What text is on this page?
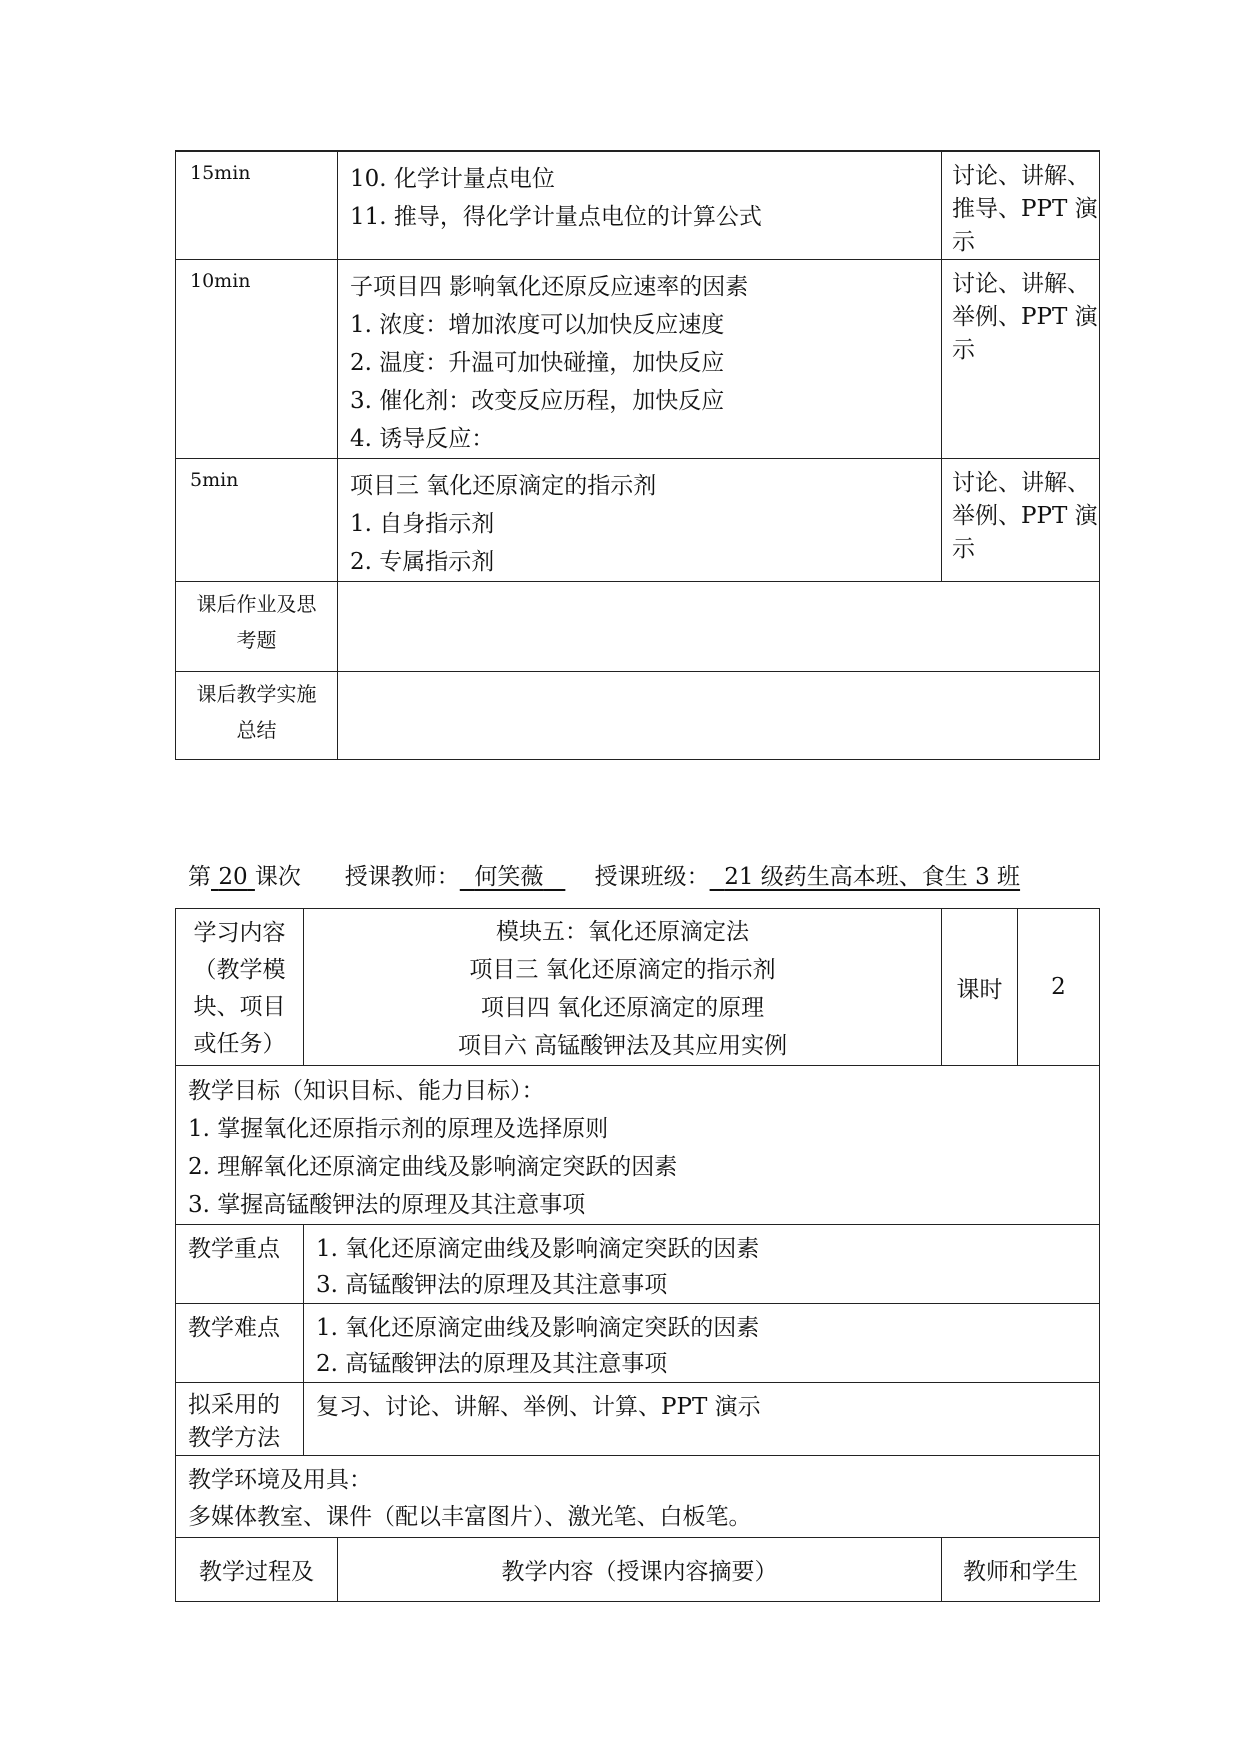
15min	10. 化学计量点电位
11. 推导，得化学计量点电位的计算公式	讨论、讲解、
推导、PPT 演
示

10min	子项目四 影响氧化还原反应速率的因素
1. 浓度：增加浓度可以加快反应速度
2. 温度：升温可加快碰撞，加快反应
3. 催化剂：改变反应历程，加快反应
4. 诱导反应：	讨论、讲解、
举例、PPT 演
示

5min	项目三 氧化还原滴定的指示剂
1. 自身指示剂
2. 专属指示剂	讨论、讲解、
举例、PPT 演
示

课后作业及思
考题		

课后教学实施
总结		

第 20 课次 授课教师： 何笑薇 授课班级： 21 级药生高本班、食生 3 班
学习内容
（教学模
块、项目
或任务）	模块五：氧化还原滴定法
项目三 氧化还原滴定的指示剂
项目四 氧化还原滴定的原理
项目六 高锰酸钾法及其应用实例		课时	2

教学目标（知识目标、能力目标）：
1. 掌握氧化还原指示剂的原理及选择原则
2. 理解氧化还原滴定曲线及影响滴定突跃的因素
3. 掌握高锰酸钾法的原理及其注意事项				

教学重点	1. 氧化还原滴定曲线及影响滴定突跃的因素
3. 高锰酸钾法的原理及其注意事项			

教学难点	1. 氧化还原滴定曲线及影响滴定突跃的因素
2. 高锰酸钾法的原理及其注意事项			

拟采用的
教学方法	复习、讨论、讲解、举例、计算、PPT 演示			

教学环境及用具：
多媒体教室、课件（配以丰富图片）、激光笔、白板笔。				

教学过程及		教学内容（授课内容摘要）	教师和学生	
